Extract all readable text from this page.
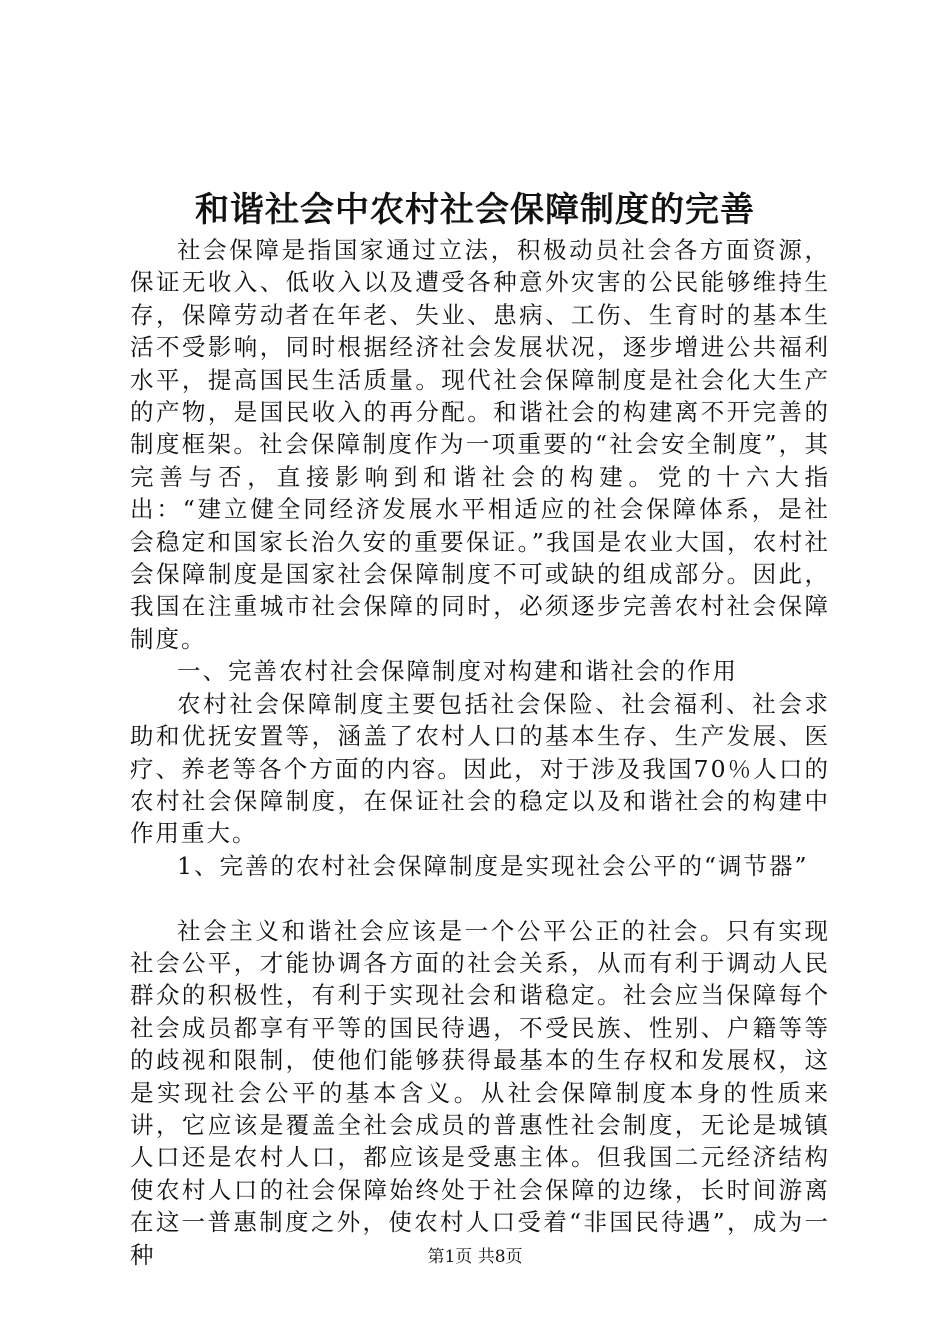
和谐社会中农村社会保障制度的完善

社会保障是指国家通过立法，积极动员社会各方面资源，保证无收入、低收入以及遭受各种意外灾害的公民能够维持生存，保障劳动者在年老、失业、患病、工伤、生育时的基本生活不受影响，同时根据经济社会发展状况，逐步增进公共福利水平，提高国民生活质量。现代社会保障制度是社会化大生产的产物，是国民收入的再分配。和谐社会的构建离不开完善的制度框架。社会保障制度作为一项重要的“社会安全制度”，其完善与否，直接影响到和谐社会的构建。党的十六大指出：“建立健全同经济发展水平相适应的社会保障体系，是社会稳定和国家长治久安的重要保证。”我国是农业大国，农村社会保障制度是国家社会保障制度不可或缺的组成部分。因此，我国在注重城市社会保障的同时，必须逐步完善农村社会保障制度。

一、完善农村社会保障制度对构建和谐社会的作用

农村社会保障制度主要包括社会保险、社会福利、社会求助和优抚安置等，涵盖了农村人口的基本生存、生产发展、医疗、养老等各个方面的内容。因此，对于涉及我国70％人口的农村社会保障制度，在保证社会的稳定以及和谐社会的构建中作用重大。

1、完善的农村社会保障制度是实现社会公平的“调节器”

社会主义和谐社会应该是一个公平公正的社会。只有实现社会公平，才能协调各方面的社会关系，从而有利于调动人民群众的积极性，有利于实现社会和谐稳定。社会应当保障每个社会成员都享有平等的国民待遇，不受民族、性别、户籍等等的歧视和限制，使他们能够获得最基本的生存权和发展权，这是实现社会公平的基本含义。从社会保障制度本身的性质来讲，它应该是覆盖全社会成员的普惠性社会制度，无论是城镇人口还是农村人口，都应该是受惠主体。但我国二元经济结构使农村人口的社会保障始终处于社会保障的边缘，长时间游离在这一普惠制度之外，使农村人口受着“非国民待遇”，成为一种	第1页 共8页
